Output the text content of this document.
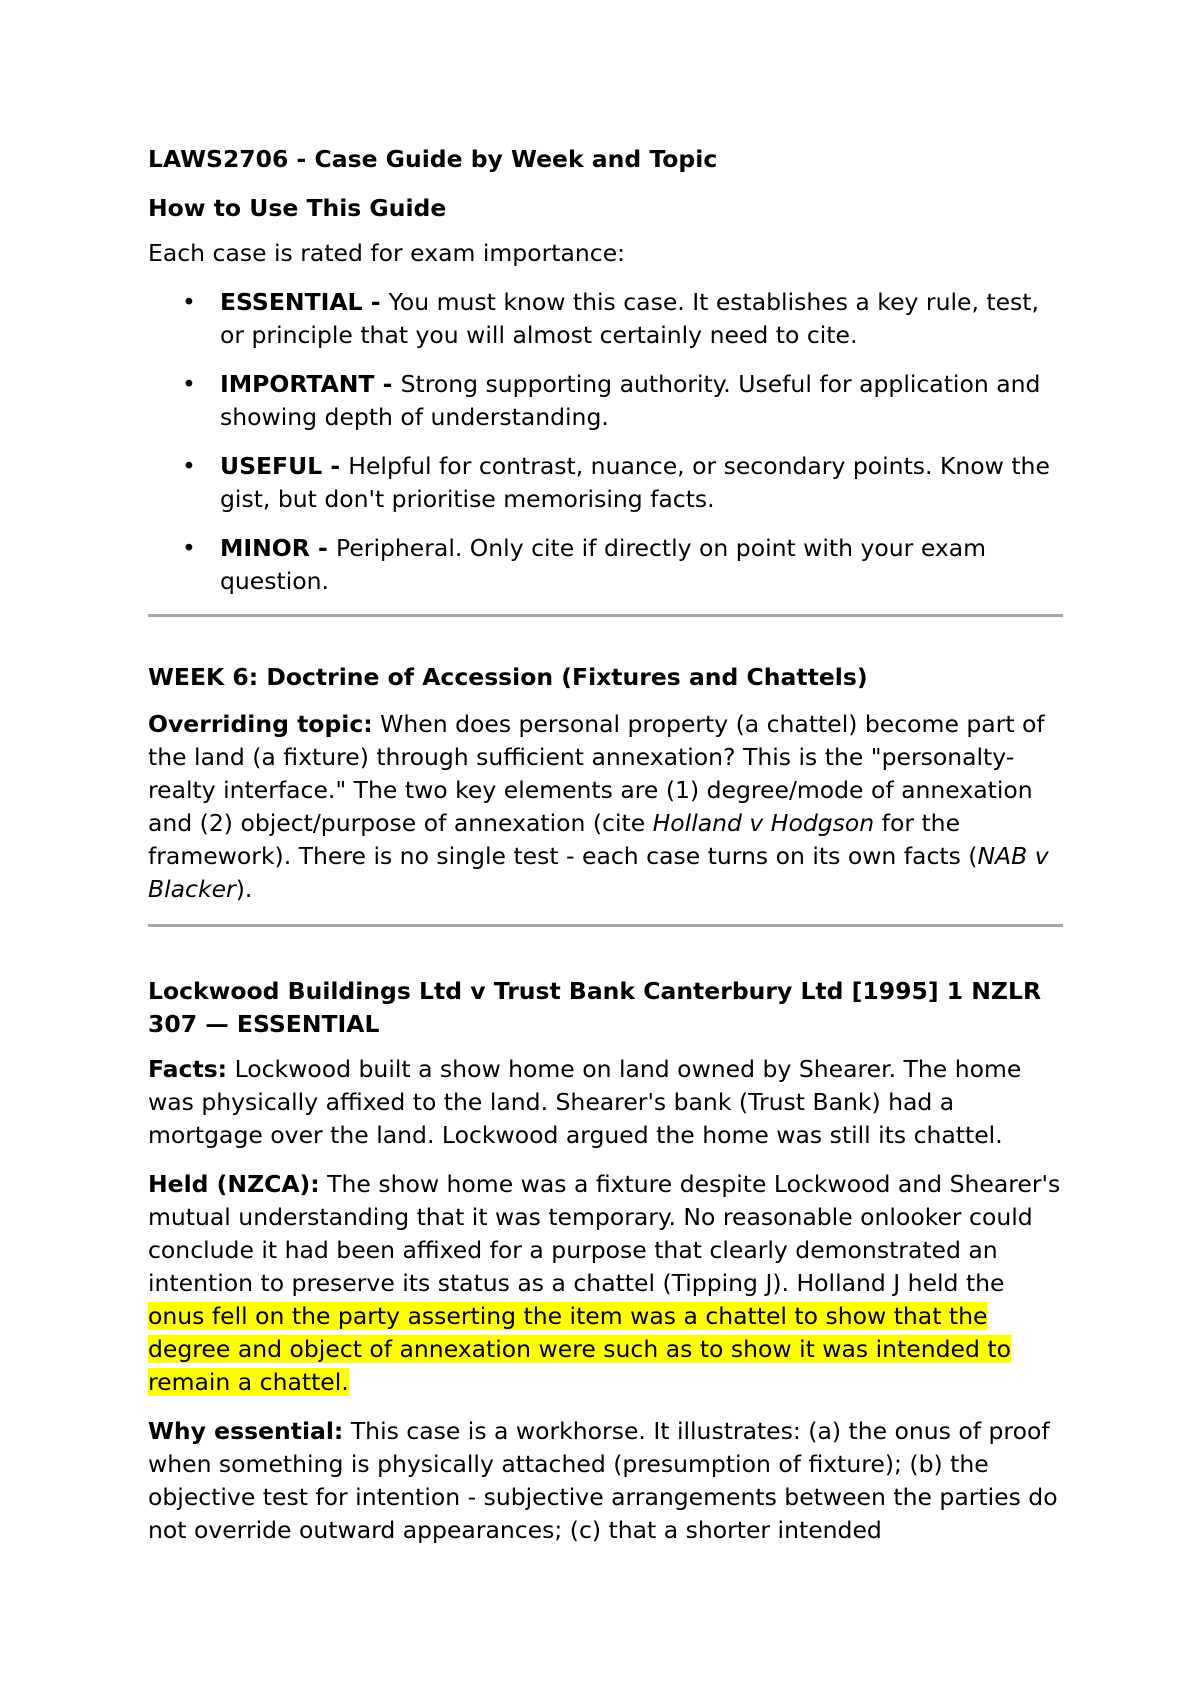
LAWS2706 - Case Guide by Week and Topic
How to Use This Guide

Each case is rated for exam importance:

• ESSENTIAL - You must know this case. It establishes a key rule, test, or principle that you will almost certainly need to cite.
• IMPORTANT - Strong supporting authority. Useful for application and showing depth of understanding.
• USEFUL - Helpful for contrast, nuance, or secondary points. Know the gist, but don't prioritise memorising facts.
• MINOR - Peripheral. Only cite if directly on point with your exam question.
WEEK 6: Doctrine of Accession (Fixtures and Chattels)

Overriding topic: When does personal property (a chattel) become part of the land (a fixture) through sufficient annexation? This is the "personalty-realty interface." The two key elements are (1) degree/mode of annexation and (2) object/purpose of annexation (cite Holland v Hodgson for the framework). There is no single test - each case turns on its own facts (NAB v Blacker).

Lockwood Buildings Ltd v Trust Bank Canterbury Ltd [1995] 1 NZLR 307 — ESSENTIAL

Facts: Lockwood built a show home on land owned by Shearer. The home was physically affixed to the land. Shearer's bank (Trust Bank) had a mortgage over the land. Lockwood argued the home was still its chattel.

Held (NZCA): The show home was a fixture despite Lockwood and Shearer's mutual understanding that it was temporary. No reasonable onlooker could conclude it had been affixed for a purpose that clearly demonstrated an intention to preserve its status as a chattel (Tipping J). Holland J held the onus fell on the party asserting the item was a chattel to show that the degree and object of annexation were such as to show it was intended to remain a chattel.

Why essential: This case is a workhorse. It illustrates: (a) the onus of proof when something is physically attached (presumption of fixture); (b) the objective test for intention - subjective arrangements between the parties do not override outward appearances; (c) that a shorter intended
